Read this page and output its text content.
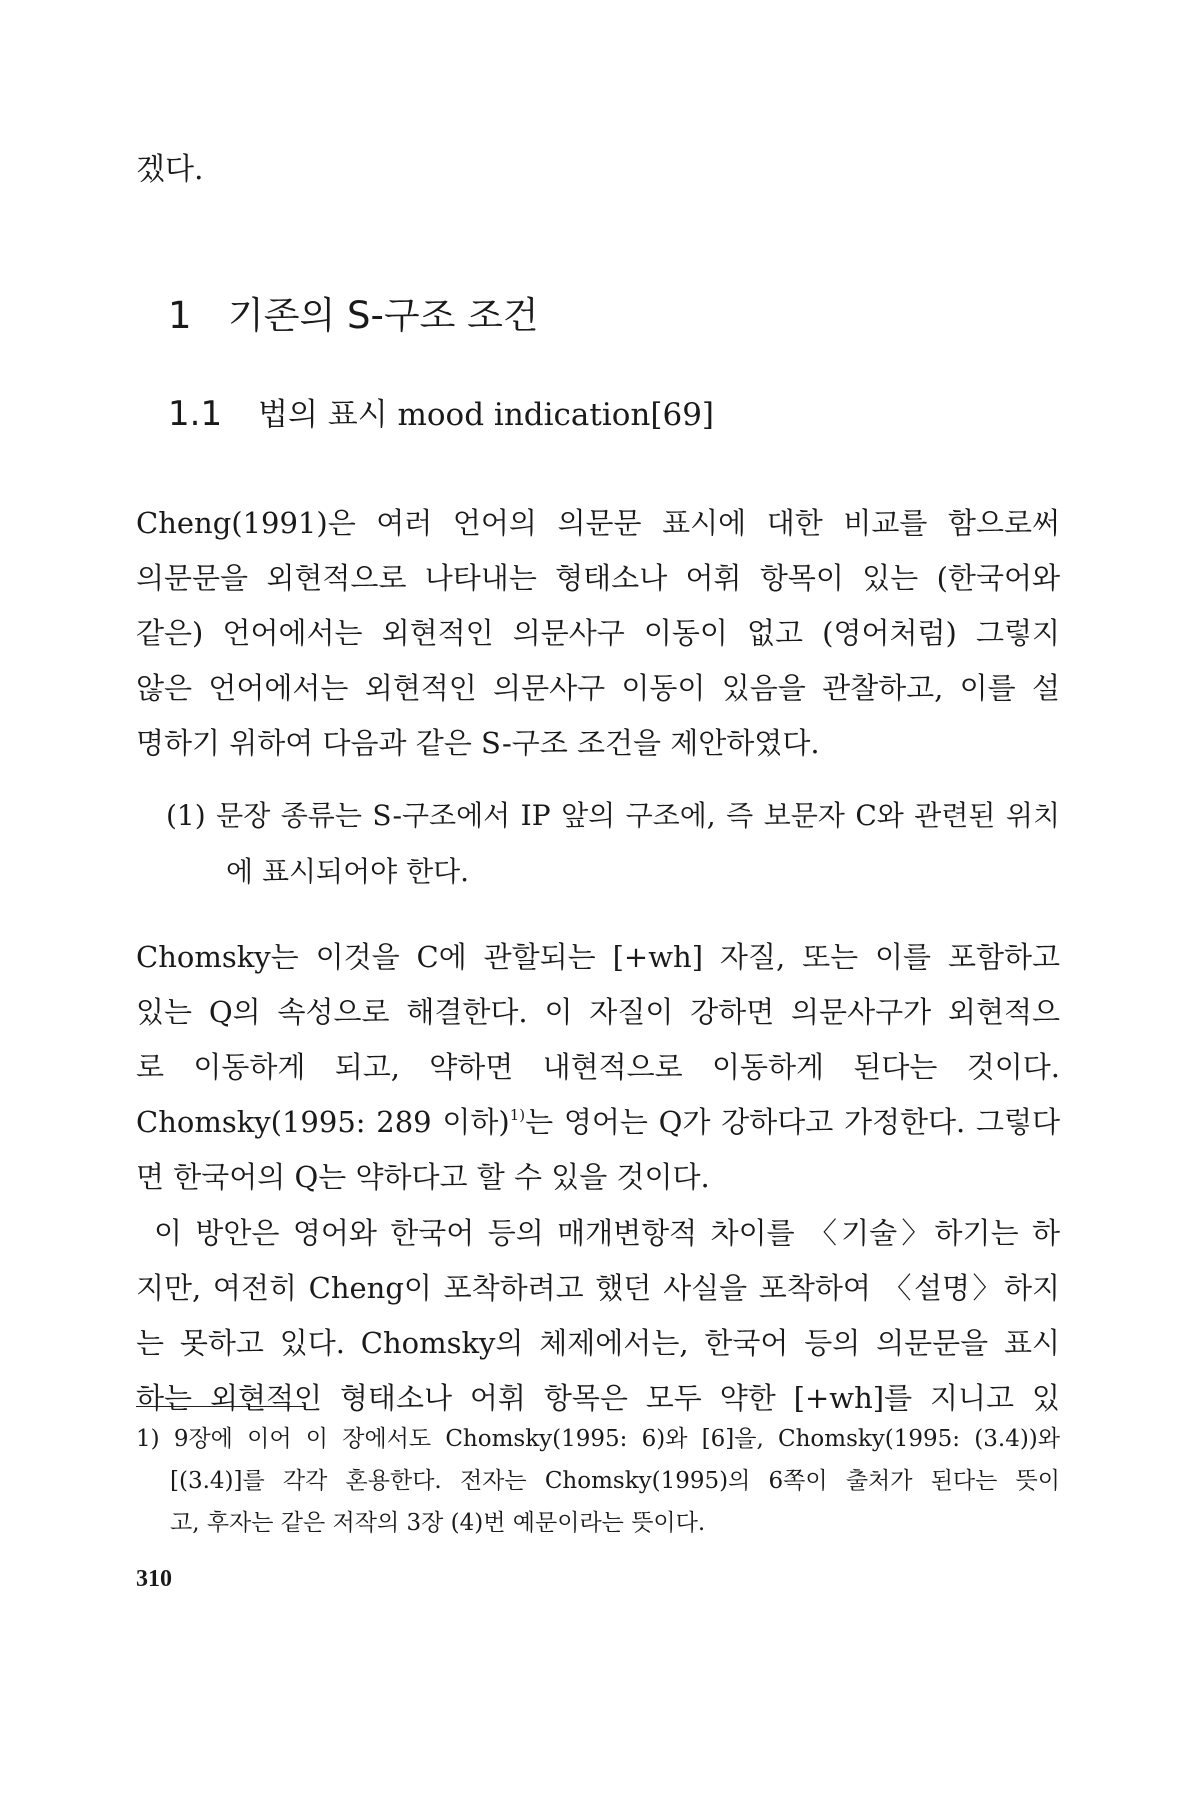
겠다.
1 기존의 S-구조 조건
1.1 법의 표시 mood indication[69]
Cheng(1991)은 여러 언어의 의문문 표시에 대한 비교를 함으로써
의문문을 외현적으로 나타내는 형태소나 어휘 항목이 있는 (한국어와
같은) 언어에서는 외현적인 의문사구 이동이 없고 (영어처럼) 그렇지
않은 언어에서는 외현적인 의문사구 이동이 있음을 관찰하고, 이를 설
명하기 위하여 다음과 같은 S-구조 조건을 제안하였다.
(1) 문장 종류는 S-구조에서 IP 앞의 구조에, 즉 보문자 C와 관련된 위치
에 표시되어야 한다.
Chomsky는 이것을 C에 관할되는 [+wh] 자질, 또는 이를 포함하고
있는 Q의 속성으로 해결한다. 이 자질이 강하면 의문사구가 외현적으
로 이동하게 되고, 약하면 내현적으로 이동하게 된다는 것이다.
Chomsky(1995: 289 이하)$^{1)}$는 영어는 Q가 강하다고 가정한다. 그렇다
면 한국어의 Q는 약하다고 할 수 있을 것이다.
이 방안은 영어와 한국어 등의 매개변항적 차이를 〈기술〉하기는 하
지만, 여전히 Cheng이 포착하려고 했던 사실을 포착하여 〈설명〉하지
는 못하고 있다. Chomsky의 체제에서는, 한국어 등의 의문문을 표시
하는 외현적인 형태소나 어휘 항목은 모두 약한 [+wh]를 지니고 있
1) 9장에 이어 이 장에서도 Chomsky(1995: 6)와 [6]을, Chomsky(1995: (3.4))와
[(3.4)]를 각각 혼용한다. 전자는 Chomsky(1995)의 6쪽이 출처가 된다는 뜻이
고, 후자는 같은 저작의 3장 (4)번 예문이라는 뜻이다.
310
